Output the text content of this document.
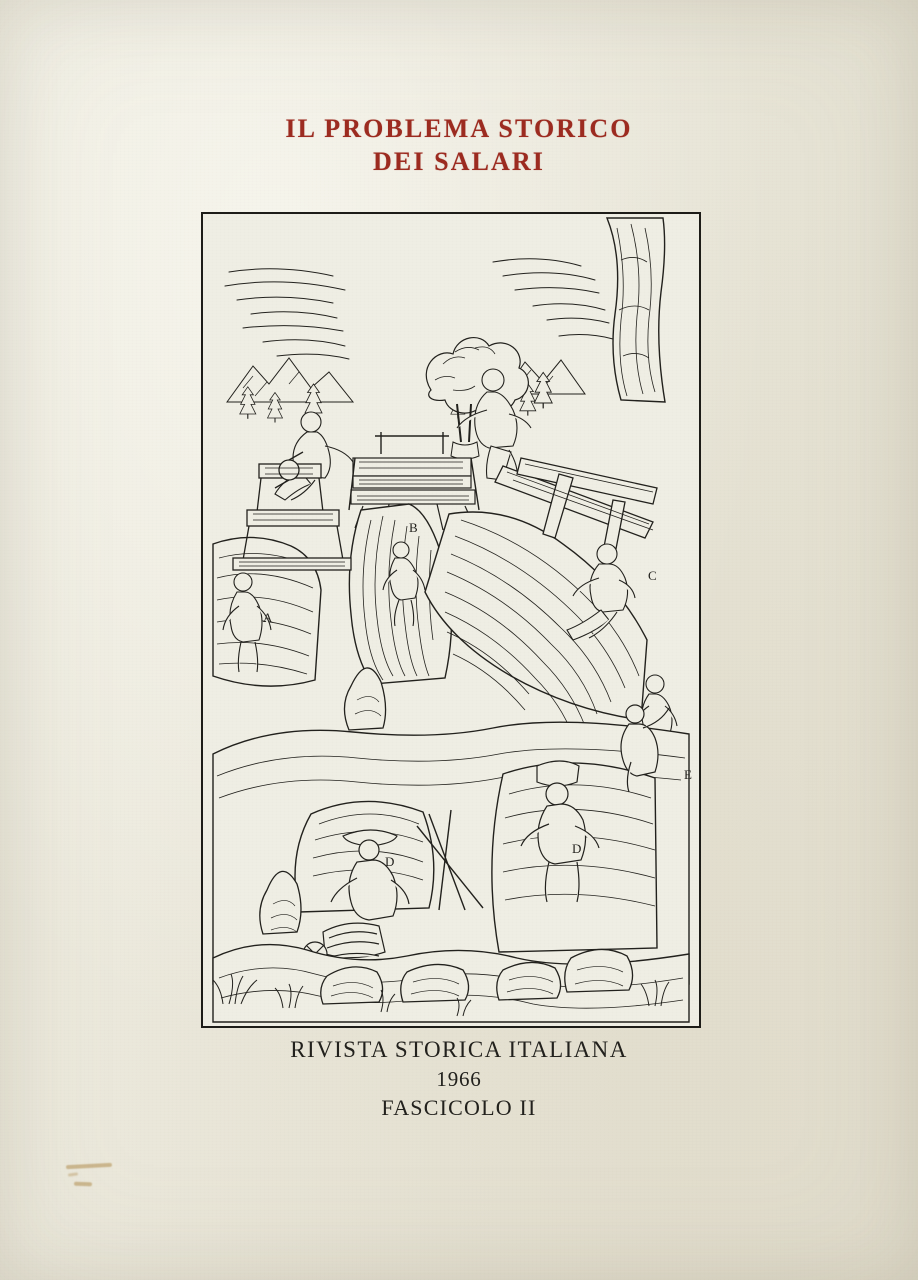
IL PROBLEMA STORICO
DEI SALARI
A
B
C
D
D
E
RIVISTA STORICA ITALIANA
1966
FASCICOLO II
